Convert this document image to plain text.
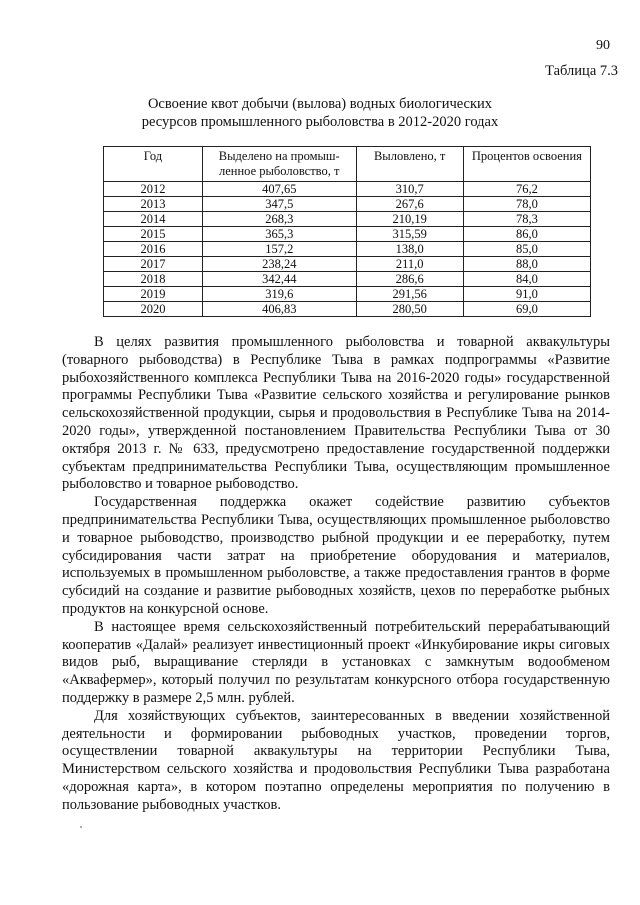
90
Таблица 7.3
Освоение квот добычи (вылова) водных биологических
ресурсов промышленного рыболовства в 2012-2020 годах
Год	Выделено на промыш-
ленное рыболовство, т	Выловлено, т	Процентов освоения
2012	407,65	310,7	76,2
2013	347,5	267,6	78,0
2014	268,3	210,19	78,3
2015	365,3	315,59	86,0
2016	157,2	138,0	85,0
2017	238,24	211,0	88,0
2018	342,44	286,6	84,0
2019	319,6	291,56	91,0
2020	406,83	280,50	69,0

В целях развития промышленного рыболовства и товарной аквакультуры (товарного рыбоводства) в Республике Тыва в рамках подпрограммы «Развитие рыбохозяйственного комплекса Республики Тыва на 2016-2020 годы» государственной программы Республики Тыва «Развитие сельского хозяйства и регулирование рынков сельскохозяйственной продукции, сырья и продовольствия в Республике Тыва на 2014-2020 годы», утвержденной постановлением Правительства Республики Тыва от 30 октября 2013 г. № 633, предусмотрено предоставление государственной поддержки субъектам предпринимательства Республики Тыва, осуществляющим промышленное рыболовство и товарное рыбоводство.

Государственная поддержка окажет содействие развитию субъектов предпринимательства Республики Тыва, осуществляющих промышленное рыболовство и товарное рыбоводство, производство рыбной продукции и ее переработку, путем субсидирования части затрат на приобретение оборудования и материалов, используемых в промышленном рыболовстве, а также предоставления грантов в форме субсидий на создание и развитие рыбоводных хозяйств, цехов по переработке рыбных продуктов на конкурсной основе.

В настоящее время сельскохозяйственный потребительский перерабатывающий кооператив «Далай» реализует инвестиционный проект «Инкубирование икры сиговых видов рыб, выращивание стерляди в установках с замкнутым водообменом «Аквафермер», который получил по результатам конкурсного отбора государственную поддержку в размере 2,5 млн. рублей.

Для хозяйствующих субъектов, заинтересованных в введении хозяйственной деятельности и формировании рыбоводных участков, проведении торгов, осуществлении товарной аквакультуры на территории Республики Тыва, Министерством сельского хозяйства и продовольствия Республики Тыва разработана «дорожная карта», в котором поэтапно определены мероприятия по получению в пользование рыбоводных участков.
